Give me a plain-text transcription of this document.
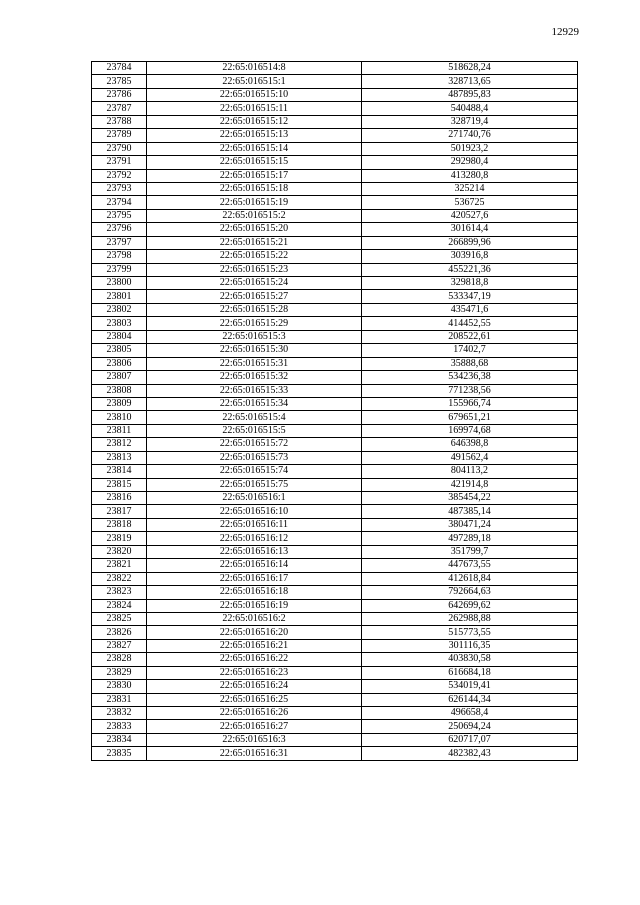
12929
23784	22:65:016514:8	518628,24
23785	22:65:016515:1	328713,65
23786	22:65:016515:10	487895,83
23787	22:65:016515:11	540488,4
23788	22:65:016515:12	328719,4
23789	22:65:016515:13	271740,76
23790	22:65:016515:14	501923,2
23791	22:65:016515:15	292980,4
23792	22:65:016515:17	413280,8
23793	22:65:016515:18	325214
23794	22:65:016515:19	536725
23795	22:65:016515:2	420527,6
23796	22:65:016515:20	301614,4
23797	22:65:016515:21	266899,96
23798	22:65:016515:22	303916,8
23799	22:65:016515:23	455221,36
23800	22:65:016515:24	329818,8
23801	22:65:016515:27	533347,19
23802	22:65:016515:28	435471,6
23803	22:65:016515:29	414452,55
23804	22:65:016515:3	208522,61
23805	22:65:016515:30	17402,7
23806	22:65:016515:31	35888,68
23807	22:65:016515:32	534236,38
23808	22:65:016515:33	771238,56
23809	22:65:016515:34	155966,74
23810	22:65:016515:4	679651,21
23811	22:65:016515:5	169974,68
23812	22:65:016515:72	646398,8
23813	22:65:016515:73	491562,4
23814	22:65:016515:74	804113,2
23815	22:65:016515:75	421914,8
23816	22:65:016516:1	385454,22
23817	22:65:016516:10	487385,14
23818	22:65:016516:11	380471,24
23819	22:65:016516:12	497289,18
23820	22:65:016516:13	351799,7
23821	22:65:016516:14	447673,55
23822	22:65:016516:17	412618,84
23823	22:65:016516:18	792664,63
23824	22:65:016516:19	642699,62
23825	22:65:016516:2	262988,88
23826	22:65:016516:20	515773,55
23827	22:65:016516:21	301116,35
23828	22:65:016516:22	403830,58
23829	22:65:016516:23	616684,18
23830	22:65:016516:24	534019,41
23831	22:65:016516:25	626144,34
23832	22:65:016516:26	496658,4
23833	22:65:016516:27	250694,24
23834	22:65:016516:3	620717,07
23835	22:65:016516:31	482382,43
